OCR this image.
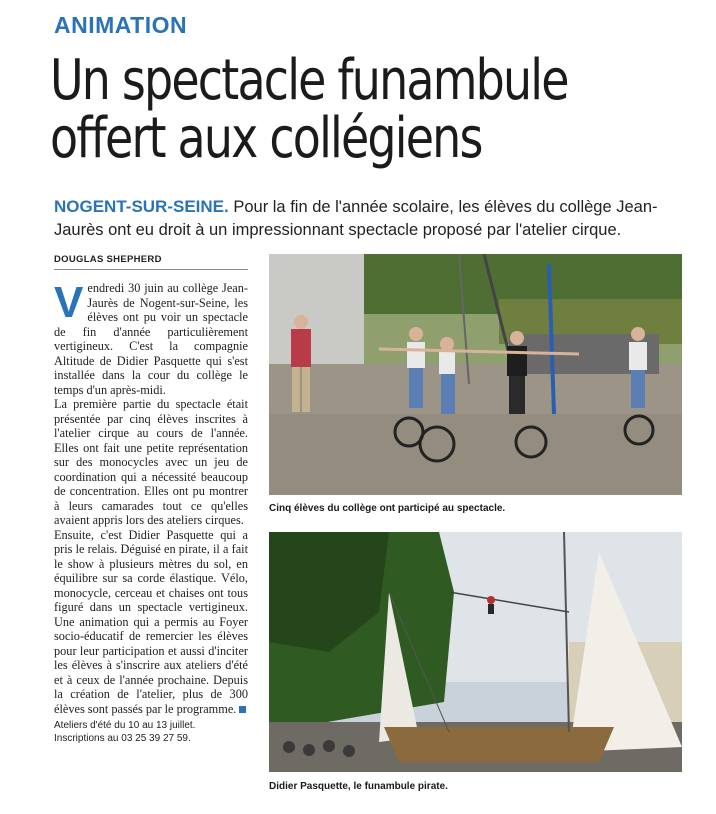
ANIMATION
Un spectacle funambule
offert aux collégiens
NOGENT-SUR-SEINE. Pour la fin de l'année scolaire, les élèves du collège Jean-Jaurès ont eu droit à un impressionnant spectacle proposé par l'atelier cirque.
DOUGLAS SHEPHERD
V endredi 30 juin au collège Jean-Jaurès de Nogent-sur-Seine, les élèves ont pu voir un spectacle de fin d'année particulièrement vertigineux. C'est la compagnie Altitude de Didier Pasquette qui s'est installée dans la cour du collège le temps d'un après-midi.

La première partie du spectacle était présentée par cinq élèves inscrites à l'atelier cirque au cours de l'année. Elles ont fait une petite représentation sur des monocycles avec un jeu de coordination qui a nécessité beaucoup de concentration. Elles ont pu montrer à leurs camarades tout ce qu'elles avaient appris lors des ateliers cirques.

Ensuite, c'est Didier Pasquette qui a pris le relais. Déguisé en pirate, il a fait le show à plusieurs mètres du sol, en équilibre sur sa corde élastique. Vélo, monocycle, cerceau et chaises ont tous figuré dans un spectacle vertigineux. Une animation qui a permis au Foyer socio-éducatif de remercier les élèves pour leur participation et aussi d'inciter les élèves à s'inscrire aux ateliers d'été et à ceux de l'année prochaine. Depuis la création de l'atelier, plus de 300 élèves sont passés par le programme.

Ateliers d'été du 10 au 13 juillet. Inscriptions au 03 25 39 27 59.
Cinq élèves du collège ont participé au spectacle.
Didier Pasquette, le funambule pirate.
